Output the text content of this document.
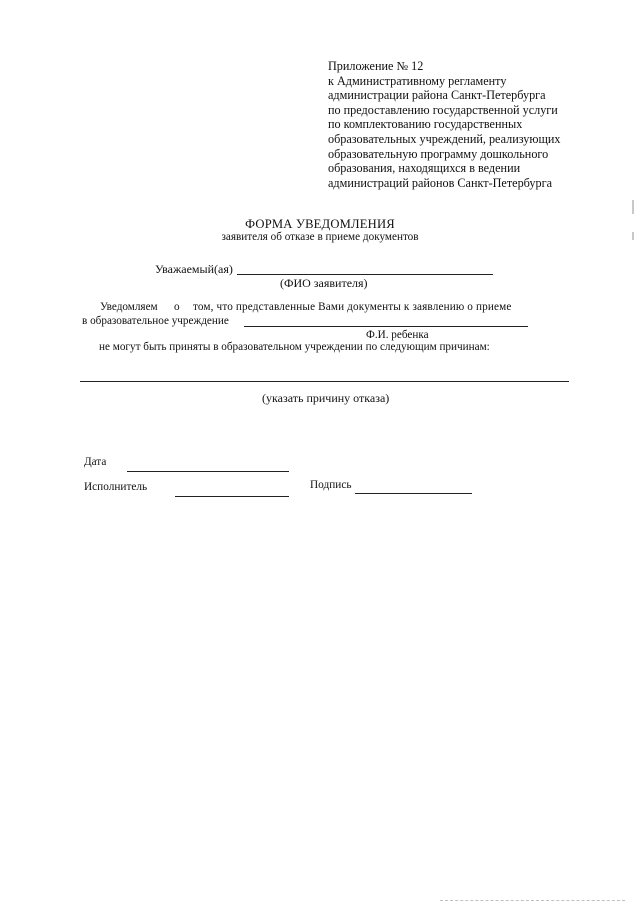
Приложение № 12
к Административному регламенту
администрации района Санкт-Петербурга
по предоставлению государственной услуги
по комплектованию государственных
образовательных учреждений, реализующих
образовательную программу дошкольного
образования, находящихся в ведении
администраций районов Санкт-Петербурга
ФОРМА УВЕДОМЛЕНИЯ
заявителя об отказе в приеме документов
Уважаемый(ая)
(ФИО заявителя)
Уведомляем о том, что представленные Вами документы к заявлению о приеме
в образовательное учреждение
Ф.И. ребенка
не могут быть приняты в образовательном учреждении по следующим причинам:
(указать причину отказа)
Дата
Исполнитель	Подпись
